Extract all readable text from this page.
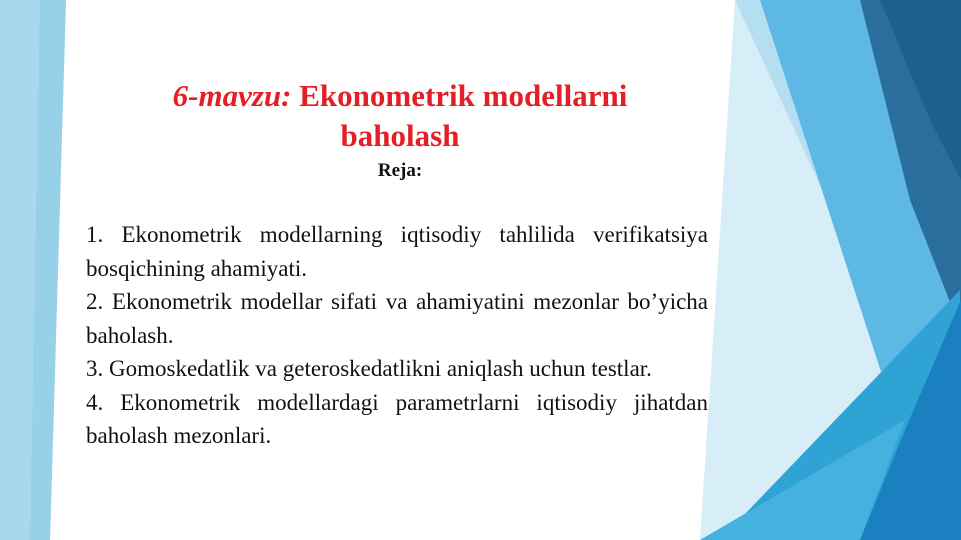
6-mavzu: Ekonometrik modellarni
baholash
Reja:
1. Ekonometrik modellarning iqtisodiy tahlilida verifikatsiya bosqichining ahamiyati.
2. Ekonometrik modellar sifati va ahamiyatini mezonlar bo’yicha baholash.
3. Gomoskedatlik va geteroskedatlikni aniqlash uchun testlar.
4. Ekonometrik modellardagi parametrlarni iqtisodiy jihatdan baholash mezonlari.
